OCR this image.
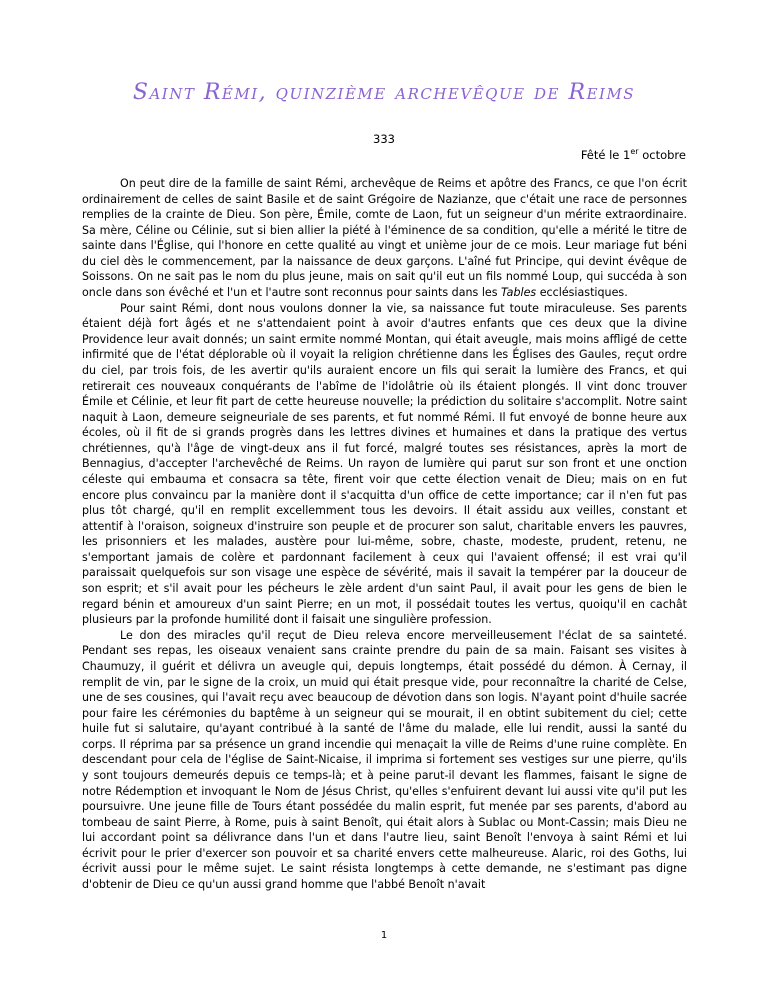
Saint Rémi, quinzième archevêque de Reims
333
Fêté le 1er octobre

On peut dire de la famille de saint Rémi, archevêque de Reims et apôtre des Francs, ce que l'on écrit ordinairement de celles de saint Basile et de saint Grégoire de Nazianze, que c'était une race de personnes remplies de la crainte de Dieu. Son père, Émile, comte de Laon, fut un seigneur d'un mérite extraordinaire. Sa mère, Céline ou Célinie, sut si bien allier la piété à l'éminence de sa condition, qu'elle a mérité le titre de sainte dans l'Église, qui l'honore en cette qualité au vingt et unième jour de ce mois. Leur mariage fut béni du ciel dès le commencement, par la naissance de deux garçons. L'aîné fut Principe, qui devint évêque de Soissons. On ne sait pas le nom du plus jeune, mais on sait qu'il eut un fils nommé Loup, qui succéda à son oncle dans son évêché et l'un et l'autre sont reconnus pour saints dans les Tables ecclésiastiques.

Pour saint Rémi, dont nous voulons donner la vie, sa naissance fut toute miraculeuse. Ses parents étaient déjà fort âgés et ne s'attendaient point à avoir d'autres enfants que ces deux que la divine Providence leur avait donnés; un saint ermite nommé Montan, qui était aveugle, mais moins affligé de cette infirmité que de l'état déplorable où il voyait la religion chrétienne dans les Églises des Gaules, reçut ordre du ciel, par trois fois, de les avertir qu'ils auraient encore un fils qui serait la lumière des Francs, et qui retirerait ces nouveaux conquérants de l'abîme de l'idolâtrie où ils étaient plongés. Il vint donc trouver Émile et Célinie, et leur fit part de cette heureuse nouvelle; la prédiction du solitaire s'accomplit. Notre saint naquit à Laon, demeure seigneuriale de ses parents, et fut nommé Rémi. Il fut envoyé de bonne heure aux écoles, où il fit de si grands progrès dans les lettres divines et humaines et dans la pratique des vertus chrétiennes, qu'à l'âge de vingt-deux ans il fut forcé, malgré toutes ses résistances, après la mort de Bennagius, d'accepter l'archevêché de Reims. Un rayon de lumière qui parut sur son front et une onction céleste qui embauma et consacra sa tête, firent voir que cette élection venait de Dieu; mais on en fut encore plus convaincu par la manière dont il s'acquitta d'un office de cette importance; car il n'en fut pas plus tôt chargé, qu'il en remplit excellemment tous les devoirs. Il était assidu aux veilles, constant et attentif à l'oraison, soigneux d'instruire son peuple et de procurer son salut, charitable envers les pauvres, les prisonniers et les malades, austère pour lui-même, sobre, chaste, modeste, prudent, retenu, ne s'emportant jamais de colère et pardonnant facilement à ceux qui l'avaient offensé; il est vrai qu'il paraissait quelquefois sur son visage une espèce de sévérité, mais il savait la tempérer par la douceur de son esprit; et s'il avait pour les pécheurs le zèle ardent d'un saint Paul, il avait pour les gens de bien le regard bénin et amoureux d'un saint Pierre; en un mot, il possédait toutes les vertus, quoiqu'il en cachât plusieurs par la profonde humilité dont il faisait une singulière profession.

Le don des miracles qu'il reçut de Dieu releva encore merveilleusement l'éclat de sa sainteté. Pendant ses repas, les oiseaux venaient sans crainte prendre du pain de sa main. Faisant ses visites à Chaumuzy, il guérit et délivra un aveugle qui, depuis longtemps, était possédé du démon. À Cernay, il remplit de vin, par le signe de la croix, un muid qui était presque vide, pour reconnaître la charité de Celse, une de ses cousines, qui l'avait reçu avec beaucoup de dévotion dans son logis. N'ayant point d'huile sacrée pour faire les cérémonies du baptême à un seigneur qui se mourait, il en obtint subitement du ciel; cette huile fut si salutaire, qu'ayant contribué à la santé de l'âme du malade, elle lui rendit, aussi la santé du corps. Il réprima par sa présence un grand incendie qui menaçait la ville de Reims d'une ruine complète. En descendant pour cela de l'église de Saint-Nicaise, il imprima si fortement ses vestiges sur une pierre, qu'ils y sont toujours demeurés depuis ce temps-là; et à peine parut-il devant les flammes, faisant le signe de notre Rédemption et invoquant le Nom de Jésus Christ, qu'elles s'enfuirent devant lui aussi vite qu'il put les poursuivre. Une jeune fille de Tours étant possédée du malin esprit, fut menée par ses parents, d'abord au tombeau de saint Pierre, à Rome, puis à saint Benoît, qui était alors à Sublac ou Mont-Cassin; mais Dieu ne lui accordant point sa délivrance dans l'un et dans l'autre lieu, saint Benoît l'envoya à saint Rémi et lui écrivit pour le prier d'exercer son pouvoir et sa charité envers cette malheureuse. Alaric, roi des Goths, lui écrivit aussi pour le même sujet. Le saint résista longtemps à cette demande, ne s'estimant pas digne d'obtenir de Dieu ce qu'un aussi grand homme que l'abbé Benoît n'avait

1
